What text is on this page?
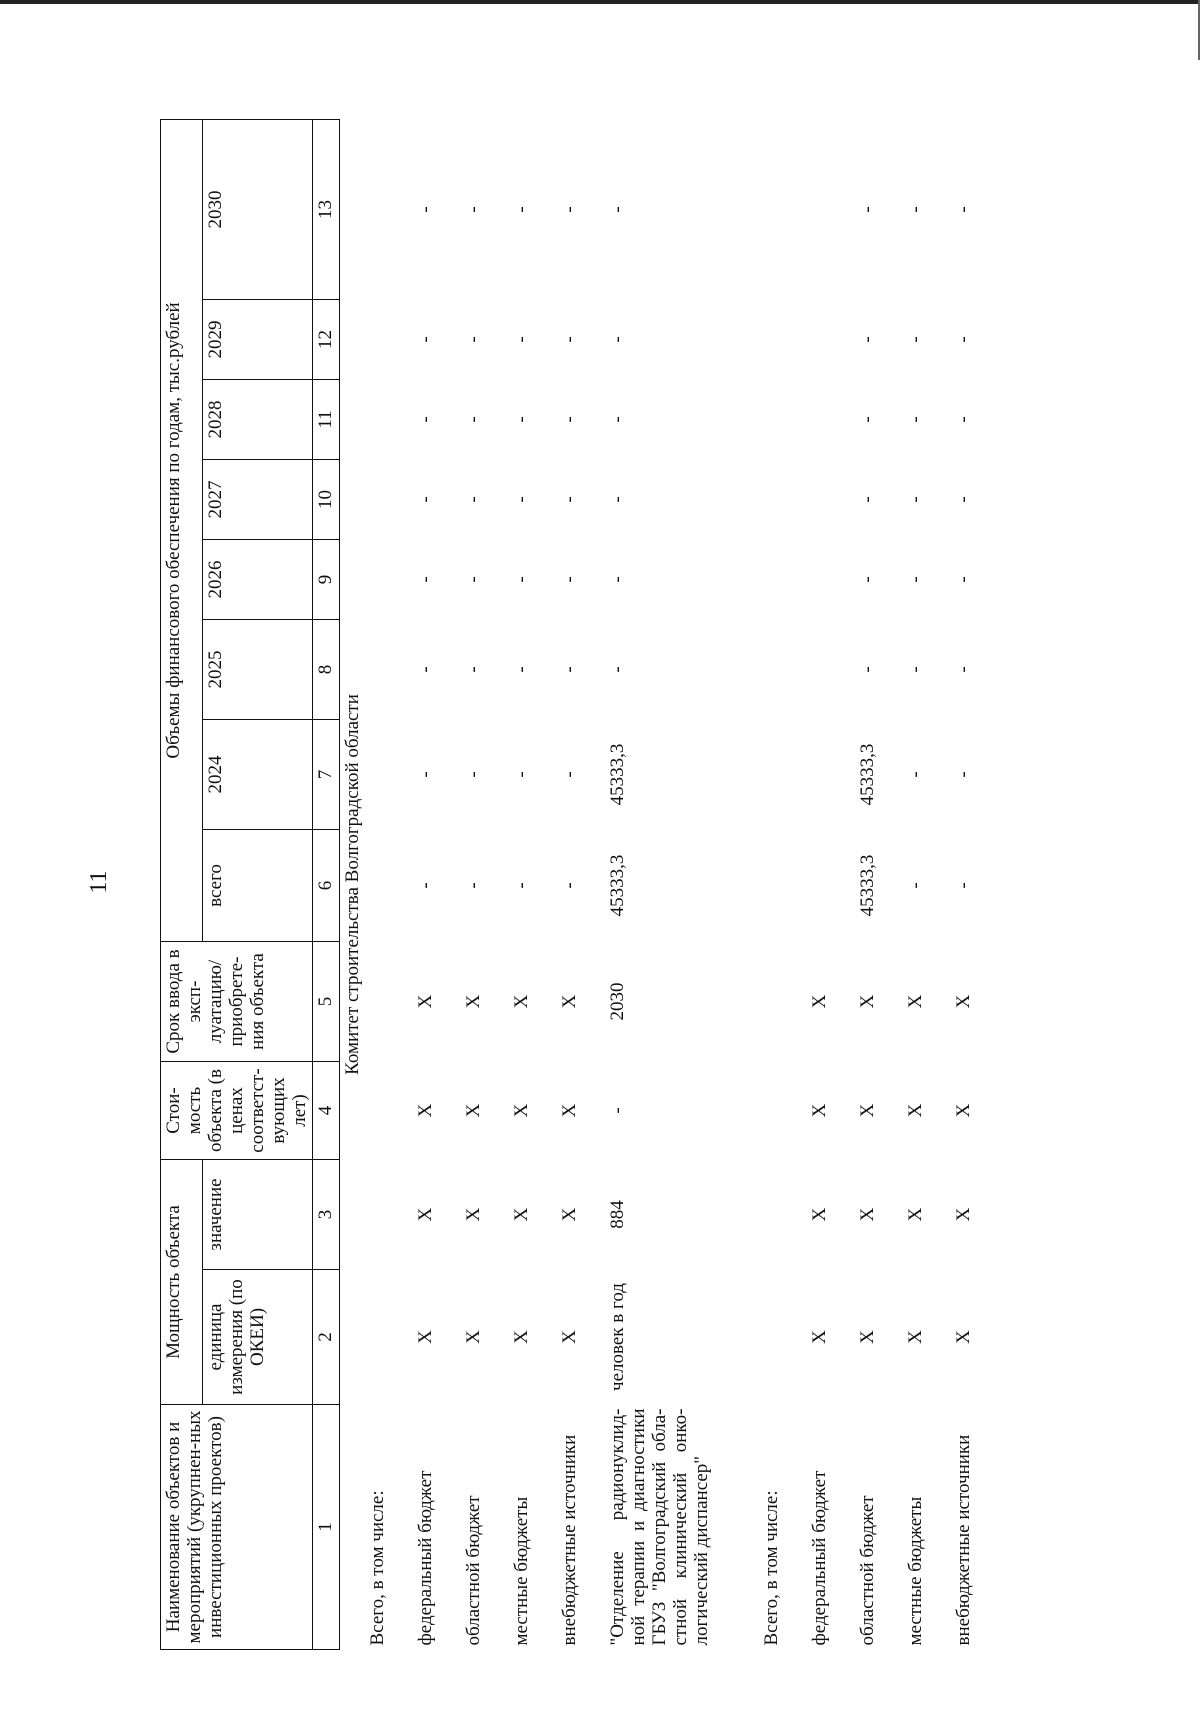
11
Наименование объектов и мероприятий (укрупнен-ных инвестиционных проектов)	Мощность объекта		Стои-мость объекта (в ценах соответст-вующих лет)	Срок ввода в эксп-луатацию/ приобрете-ния объекта	Объемы финансового обеспечения по годам, тыс.рублей							
	единица измерения (по ОКЕИ)	значение			всего	2024	2025	2026	2027	2028	2029	2030
1	2	3	4	5	6	7	8	9	10	11	12	13
Комитет строительства Волгоградской области												
Всего, в том числе:												
федеральный бюджет	X	X	X	X	-	-	-	-	-	-	-	-
областной бюджет	X	X	X	X	-	-	-	-	-	-	-	-
местные бюджеты	X	X	X	X	-	-	-	-	-	-	-	-
внебюджетные источники	X	X	X	X	-	-	-	-	-	-	-	-
"Отделение радионуклид-ной терапии и диагностики ГБУЗ "Волгоградский обла-стной клинический онко-логический диспансер"	человек в год	884	-	2030	45333,3	45333,3	-	-	-	-	-	-
Всего, в том числе:												
федеральный бюджет	X	X	X	X								
областной бюджет	X	X	X	X	45333,3	45333,3	-	-	-	-	-	-
местные бюджеты	X	X	X	X	-	-	-	-	-	-	-	-
внебюджетные источники	X	X	X	X	-	-	-	-	-	-	-	-
